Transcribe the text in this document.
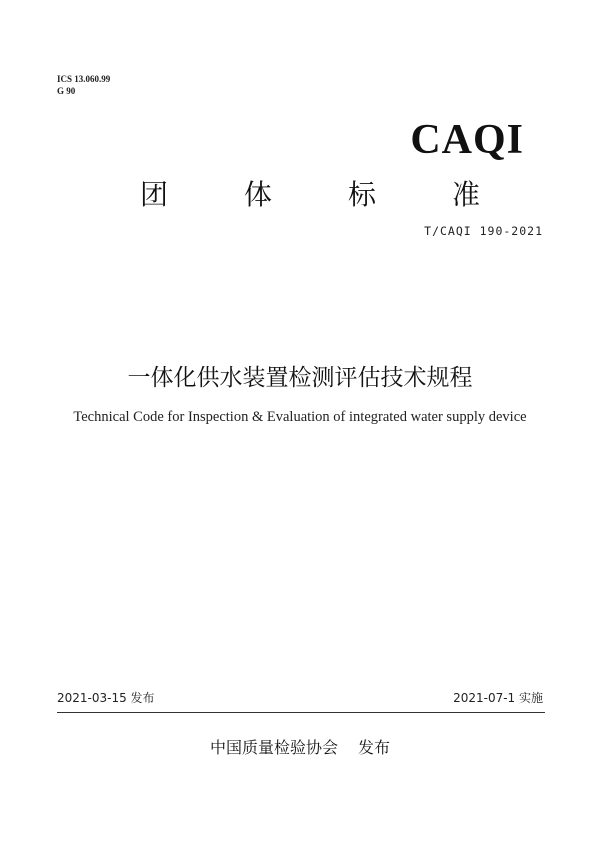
ICS 13.060.99
G 90
CAQI
团	体	标	准
T/CAQI 190-2021
一体化供水装置检测评估技术规程
Technical Code for Inspection & Evaluation of integrated water supply device
2021-03-15 发布	2021-07-1 实施
中国质量检验协会 发布
